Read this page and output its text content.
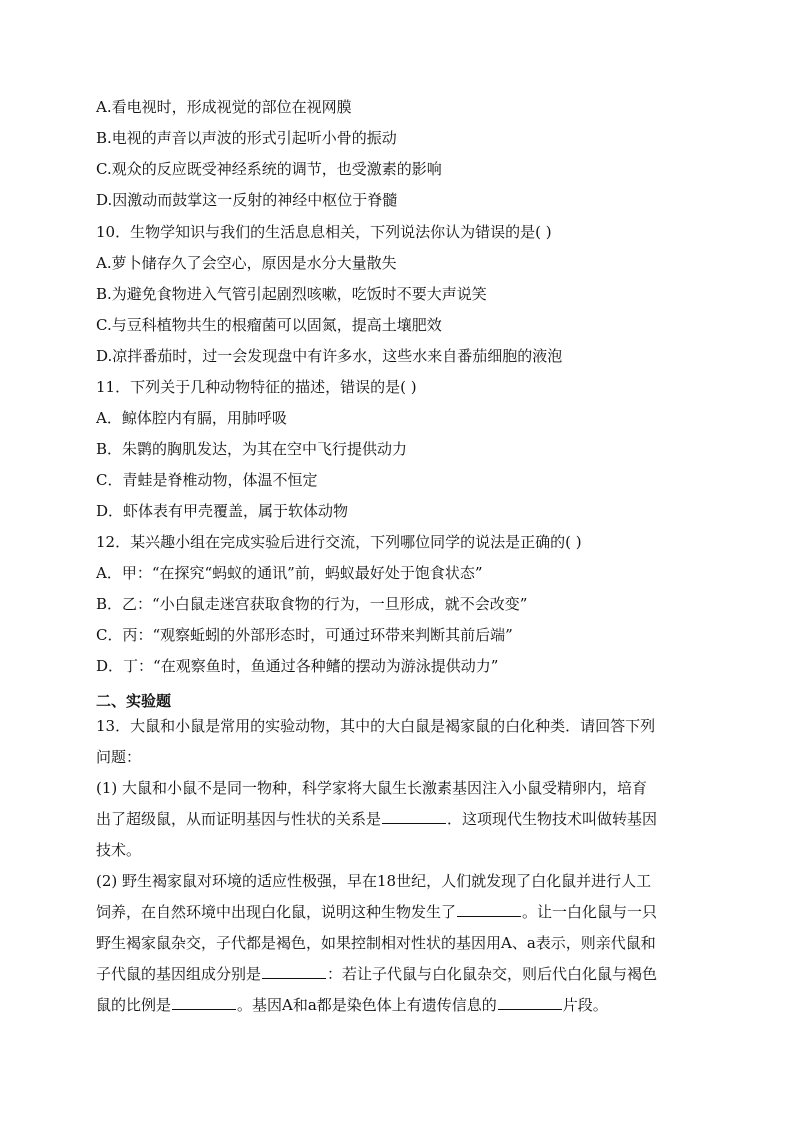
A.看电视时，形成视觉的部位在视网膜
B.电视的声音以声波的形式引起听小骨的振动
C.观众的反应既受神经系统的调节，也受激素的影响
D.因激动而鼓掌这一反射的神经中枢位于脊髓
10．生物学知识与我们的生活息息相关，下列说法你认为错误的是( )
A.萝卜储存久了会空心，原因是水分大量散失
B.为避免食物进入气管引起剧烈咳嗽，吃饭时不要大声说笑
C.与豆科植物共生的根瘤菌可以固氮，提高土壤肥效
D.凉拌番茄时，过一会发现盘中有许多水，这些水来自番茄细胞的液泡
11．下列关于几种动物特征的描述，错误的是( )
A．鲸体腔内有膈，用肺呼吸
B．朱鹮的胸肌发达，为其在空中飞行提供动力
C．青蛙是脊椎动物，体温不恒定
D．虾体表有甲壳覆盖，属于软体动物
12．某兴趣小组在完成实验后进行交流，下列哪位同学的说法是正确的( )
A．甲：“在探究“蚂蚁的通讯”前，蚂蚁最好处于饱食状态”
B．乙：“小白鼠走迷宫获取食物的行为，一旦形成，就不会改变”
C．丙：“观察蚯蚓的外部形态时，可通过环带来判断其前后端”
D．丁：“在观察鱼时，鱼通过各种鳍的摆动为游泳提供动力”
二、实验题
13．大鼠和小鼠是常用的实验动物，其中的大白鼠是褐家鼠的白化种类．请回答下列
问题：
(1) 大鼠和小鼠不是同一物种，科学家将大鼠生长激素基因注入小鼠受精卵内，培育
出了超级鼠，从而证明基因与性状的关系是	．这项现代生物技术叫做转基因
技术。
(2) 野生褐家鼠对环境的适应性极强，早在18世纪，人们就发现了白化鼠并进行人工
饲养，在自然环境中出现白化鼠，说明这种生物发生了	。让一白化鼠与一只
野生褐家鼠杂交，子代都是褐色，如果控制相对性状的基因用A、a表示，则亲代鼠和
子代鼠的基因组成分别是	：若让子代鼠与白化鼠杂交，则后代白化鼠与褐色
鼠的比例是	。基因A和a都是染色体上有遗传信息的	片段。
